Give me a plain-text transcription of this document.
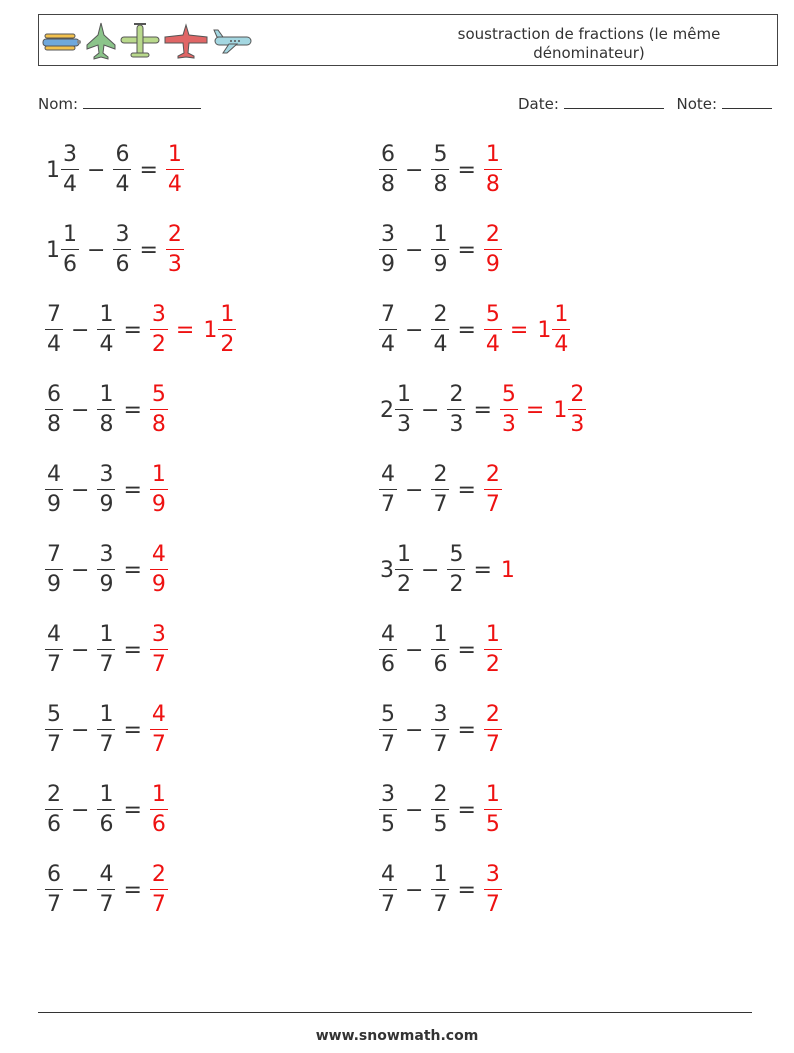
soustraction de fractions (le même dénominateur)
Nom:	Date:	Note:
$1 \frac{3}{4} - \frac{6}{4} = \frac{1}{4}$	$\frac{6}{8} - \frac{5}{8} = \frac{1}{8}$
$1 \frac{1}{6} - \frac{3}{6} = \frac{2}{3}$	$\frac{3}{9} - \frac{1}{9} = \frac{2}{9}$
$\frac{7}{4} - \frac{1}{4} = \frac{3}{2} = 1 \frac{1}{2}$	$\frac{7}{4} - \frac{2}{4} = \frac{5}{4} = 1 \frac{1}{4}$
$\frac{6}{8} - \frac{1}{8} = \frac{5}{8}$	$2 \frac{1}{3} - \frac{2}{3} = \frac{5}{3} = 1 \frac{2}{3}$
$\frac{4}{9} - \frac{3}{9} = \frac{1}{9}$	$\frac{4}{7} - \frac{2}{7} = \frac{2}{7}$
$\frac{7}{9} - \frac{3}{9} = \frac{4}{9}$	$3 \frac{1}{2} - \frac{5}{2} = 1$
$\frac{4}{7} - \frac{1}{7} = \frac{3}{7}$	$\frac{4}{6} - \frac{1}{6} = \frac{1}{2}$
$\frac{5}{7} - \frac{1}{7} = \frac{4}{7}$	$\frac{5}{7} - \frac{3}{7} = \frac{2}{7}$
$\frac{2}{6} - \frac{1}{6} = \frac{1}{6}$	$\frac{3}{5} - \frac{2}{5} = \frac{1}{5}$
$\frac{6}{7} - \frac{4}{7} = \frac{2}{7}$	$\frac{4}{7} - \frac{1}{7} = \frac{3}{7}$
www.snowmath.com
